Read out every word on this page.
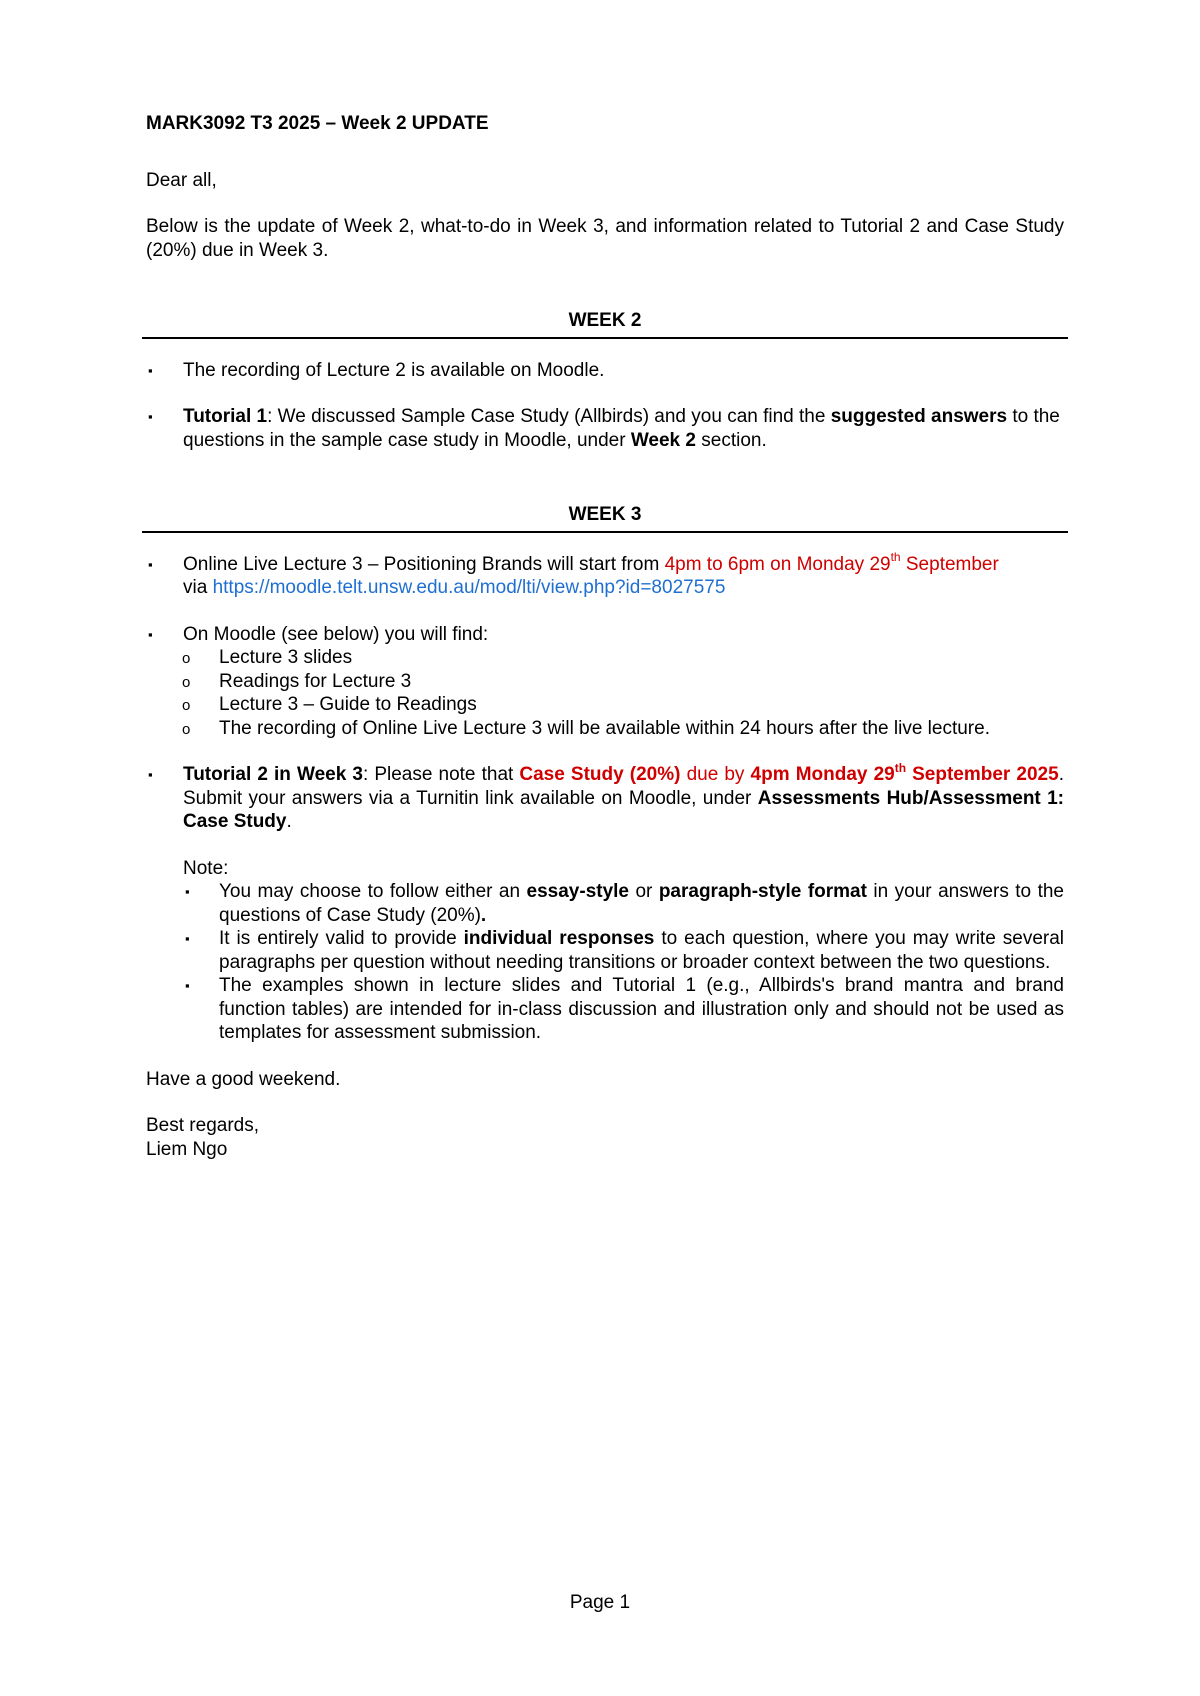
MARK3092 T3 2025 – Week 2 UPDATE

Dear all,

Below is the update of Week 2, what-to-do in Week 3, and information related to Tutorial 2 and Case Study (20%) due in Week 3.

WEEK 2

▪ The recording of Lecture 2 is available on Moodle.
▪ Tutorial 1: We discussed Sample Case Study (Allbirds) and you can find the suggested answers to the questions in the sample case study in Moodle, under Week 2 section.

WEEK 3

▪ Online Live Lecture 3 – Positioning Brands will start from 4pm to 6pm on Monday 29th September
via https://moodle.telt.unsw.edu.au/mod/lti/view.php?id=8027575
▪ On Moodle (see below) you will find:
o Lecture 3 slides
o Readings for Lecture 3
o Lecture 3 – Guide to Readings
o The recording of Online Live Lecture 3 will be available within 24 hours after the live lecture.
▪ Tutorial 2 in Week 3: Please note that Case Study (20%) due by 4pm Monday 29th September 2025. Submit your answers via a Turnitin link available on Moodle, under Assessments Hub/Assessment 1: Case Study.

Note:

▪ You may choose to follow either an essay-style or paragraph-style format in your answers to the questions of Case Study (20%).
▪ It is entirely valid to provide individual responses to each question, where you may write several paragraphs per question without needing transitions or broader context between the two questions.
▪ The examples shown in lecture slides and Tutorial 1 (e.g., Allbirds's brand mantra and brand function tables) are intended for in-class discussion and illustration only and should not be used as templates for assessment submission.

Have a good weekend.

Best regards,

Liem Ngo

Page 1
